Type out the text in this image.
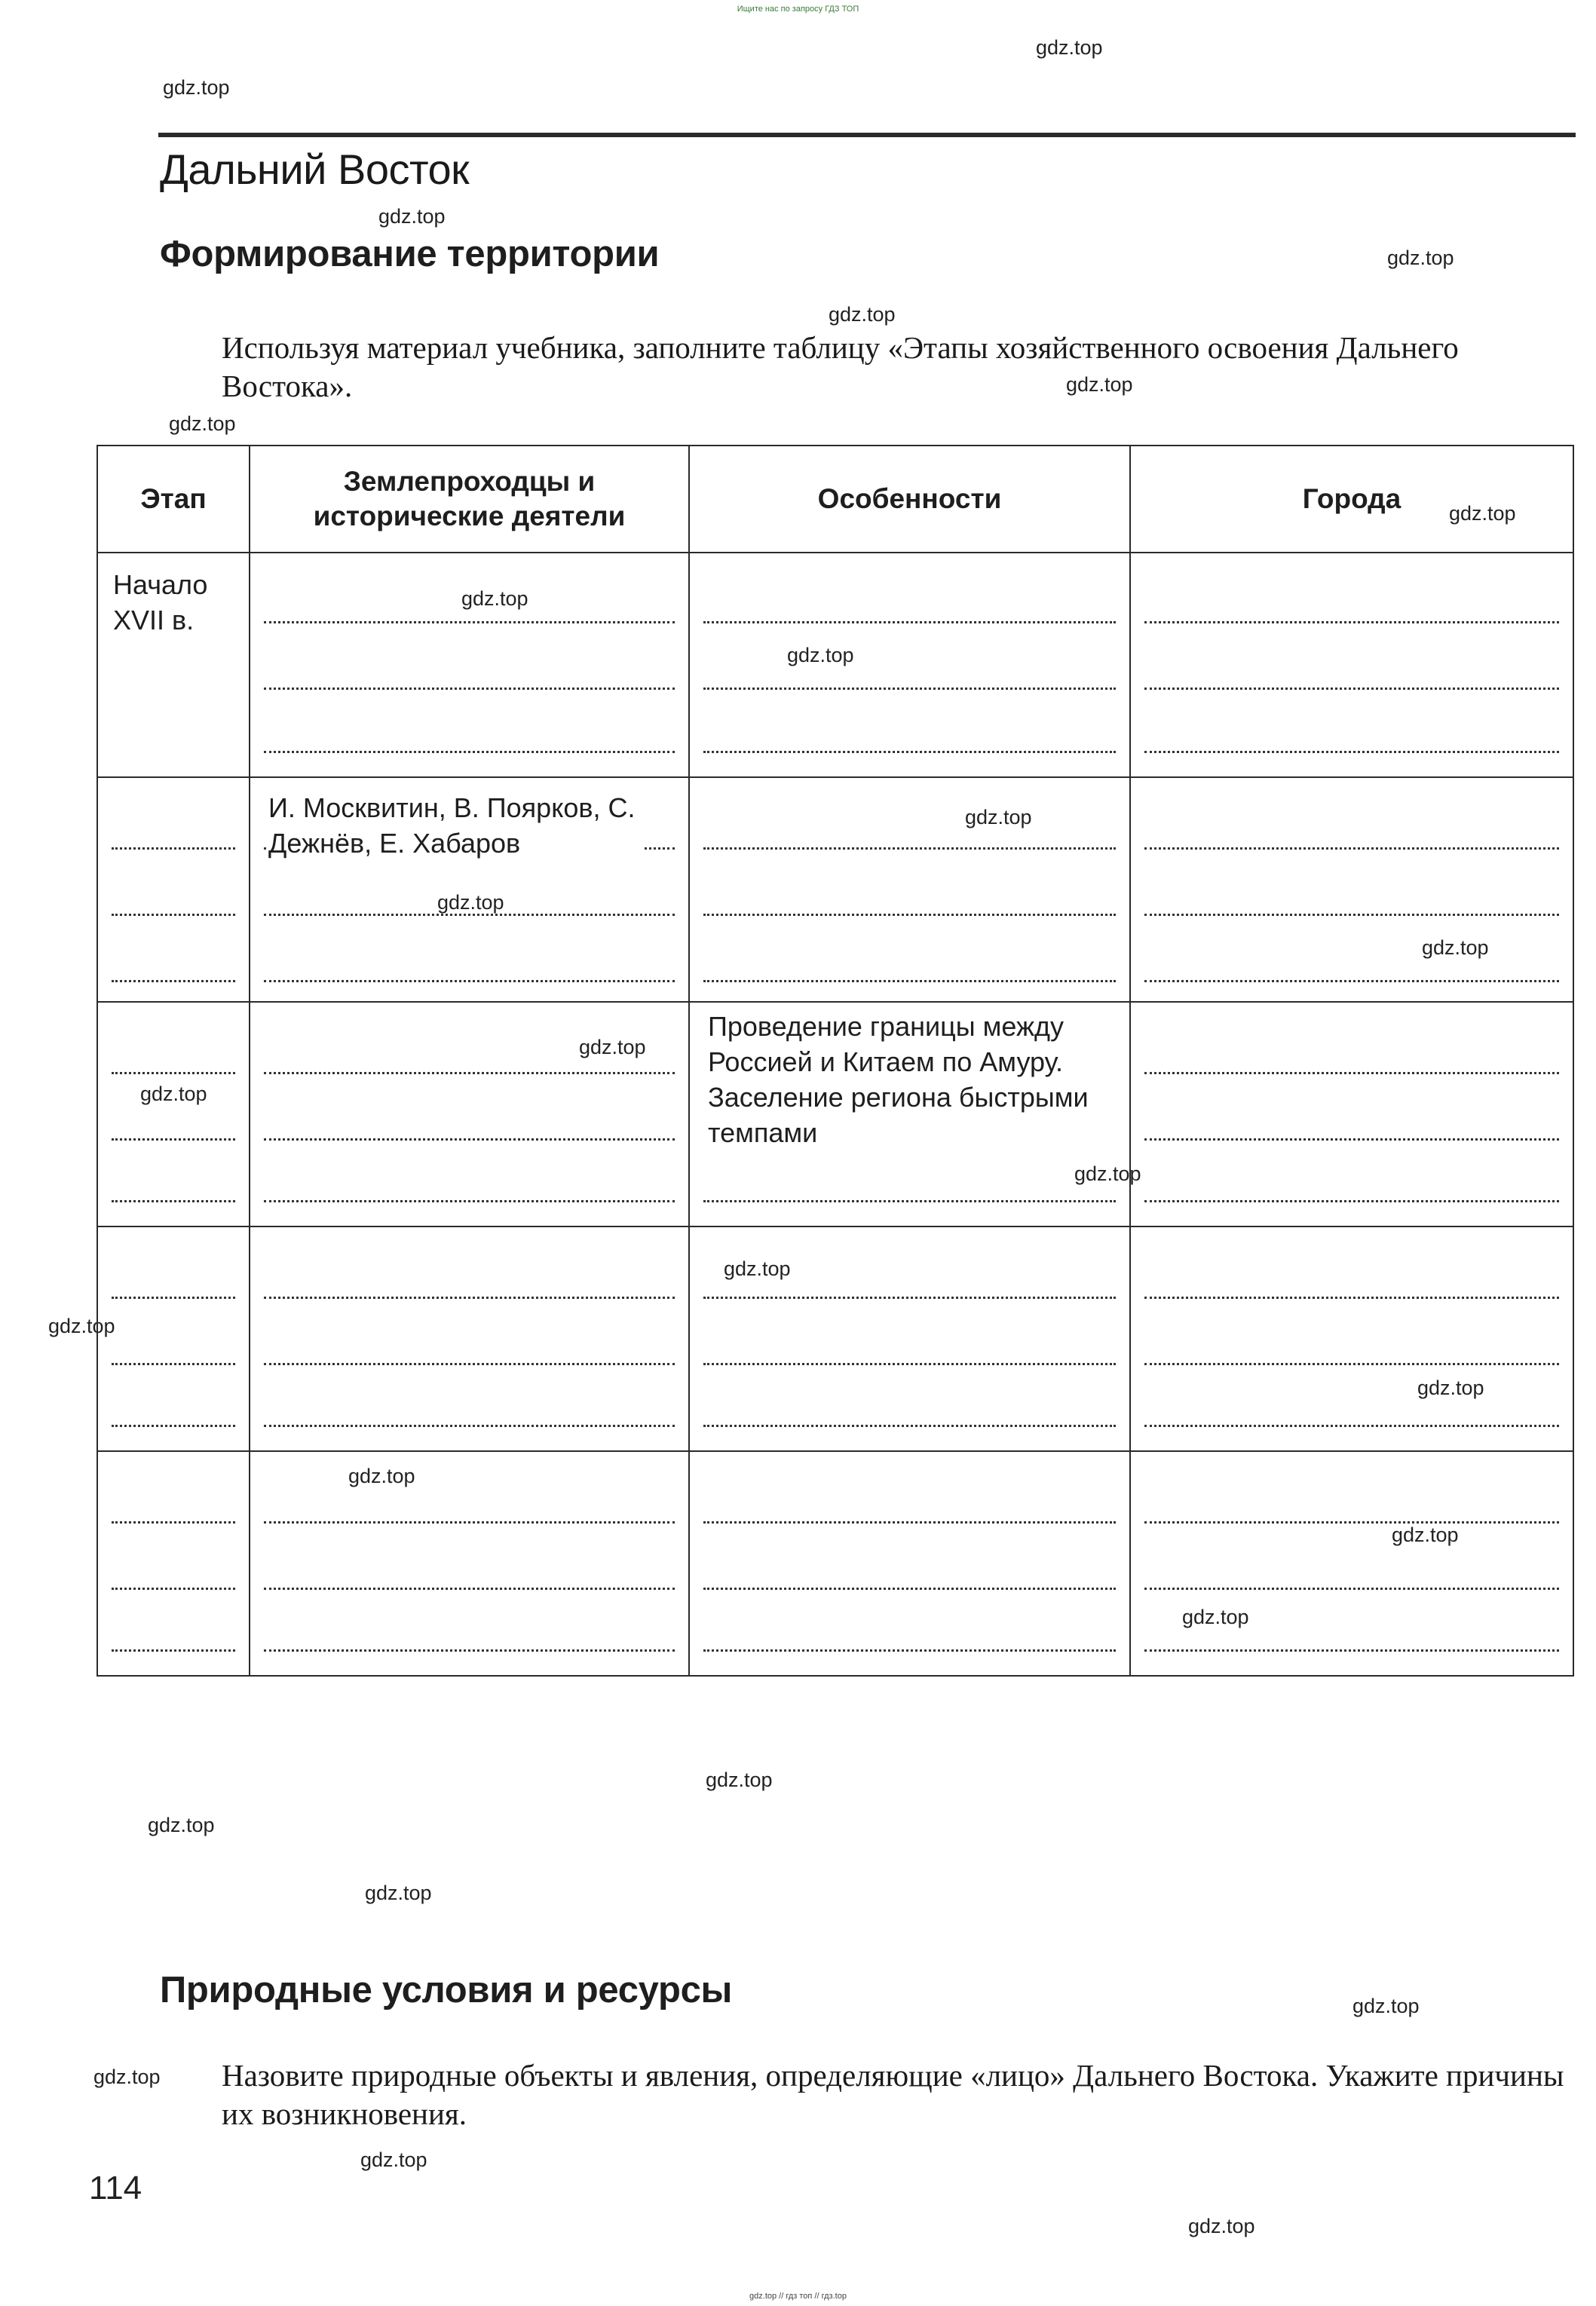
Ищите нас по запросу ГДЗ ТОП
gdz.top
gdz.top
gdz.top
gdz.top
gdz.top
gdz.top
gdz.top
gdz.top
gdz.top
gdz.top
gdz.top
gdz.top
gdz.top
gdz.top
gdz.top
gdz.top
gdz.top
gdz.top
gdz.top
gdz.top
gdz.top
gdz.top
gdz.top
gdz.top
gdz.top
gdz.top
gdz.top
gdz.top
gdz.top
Дальний Восток
Формирование территории
Используя материал учебника, заполните таблицу «Этапы хозяйственного освоения Дальнего Востока».
Этап	Землепроходцы и исторические деятели	Особенности	Города

Начало XVII в.			

	И. Москвитин, В. Поярков, С. Дежнёв, Е. Хабаров		

		Проведение границы между Россией и Китаем по Амуру. Заселение региона быстрыми темпами	

Природные условия и ресурсы
Назовите природные объекты и явления, определяющие «лицо» Дальнего Востока. Укажите причины их возникновения.
114
gdz.top // гдз топ // гдз.top
